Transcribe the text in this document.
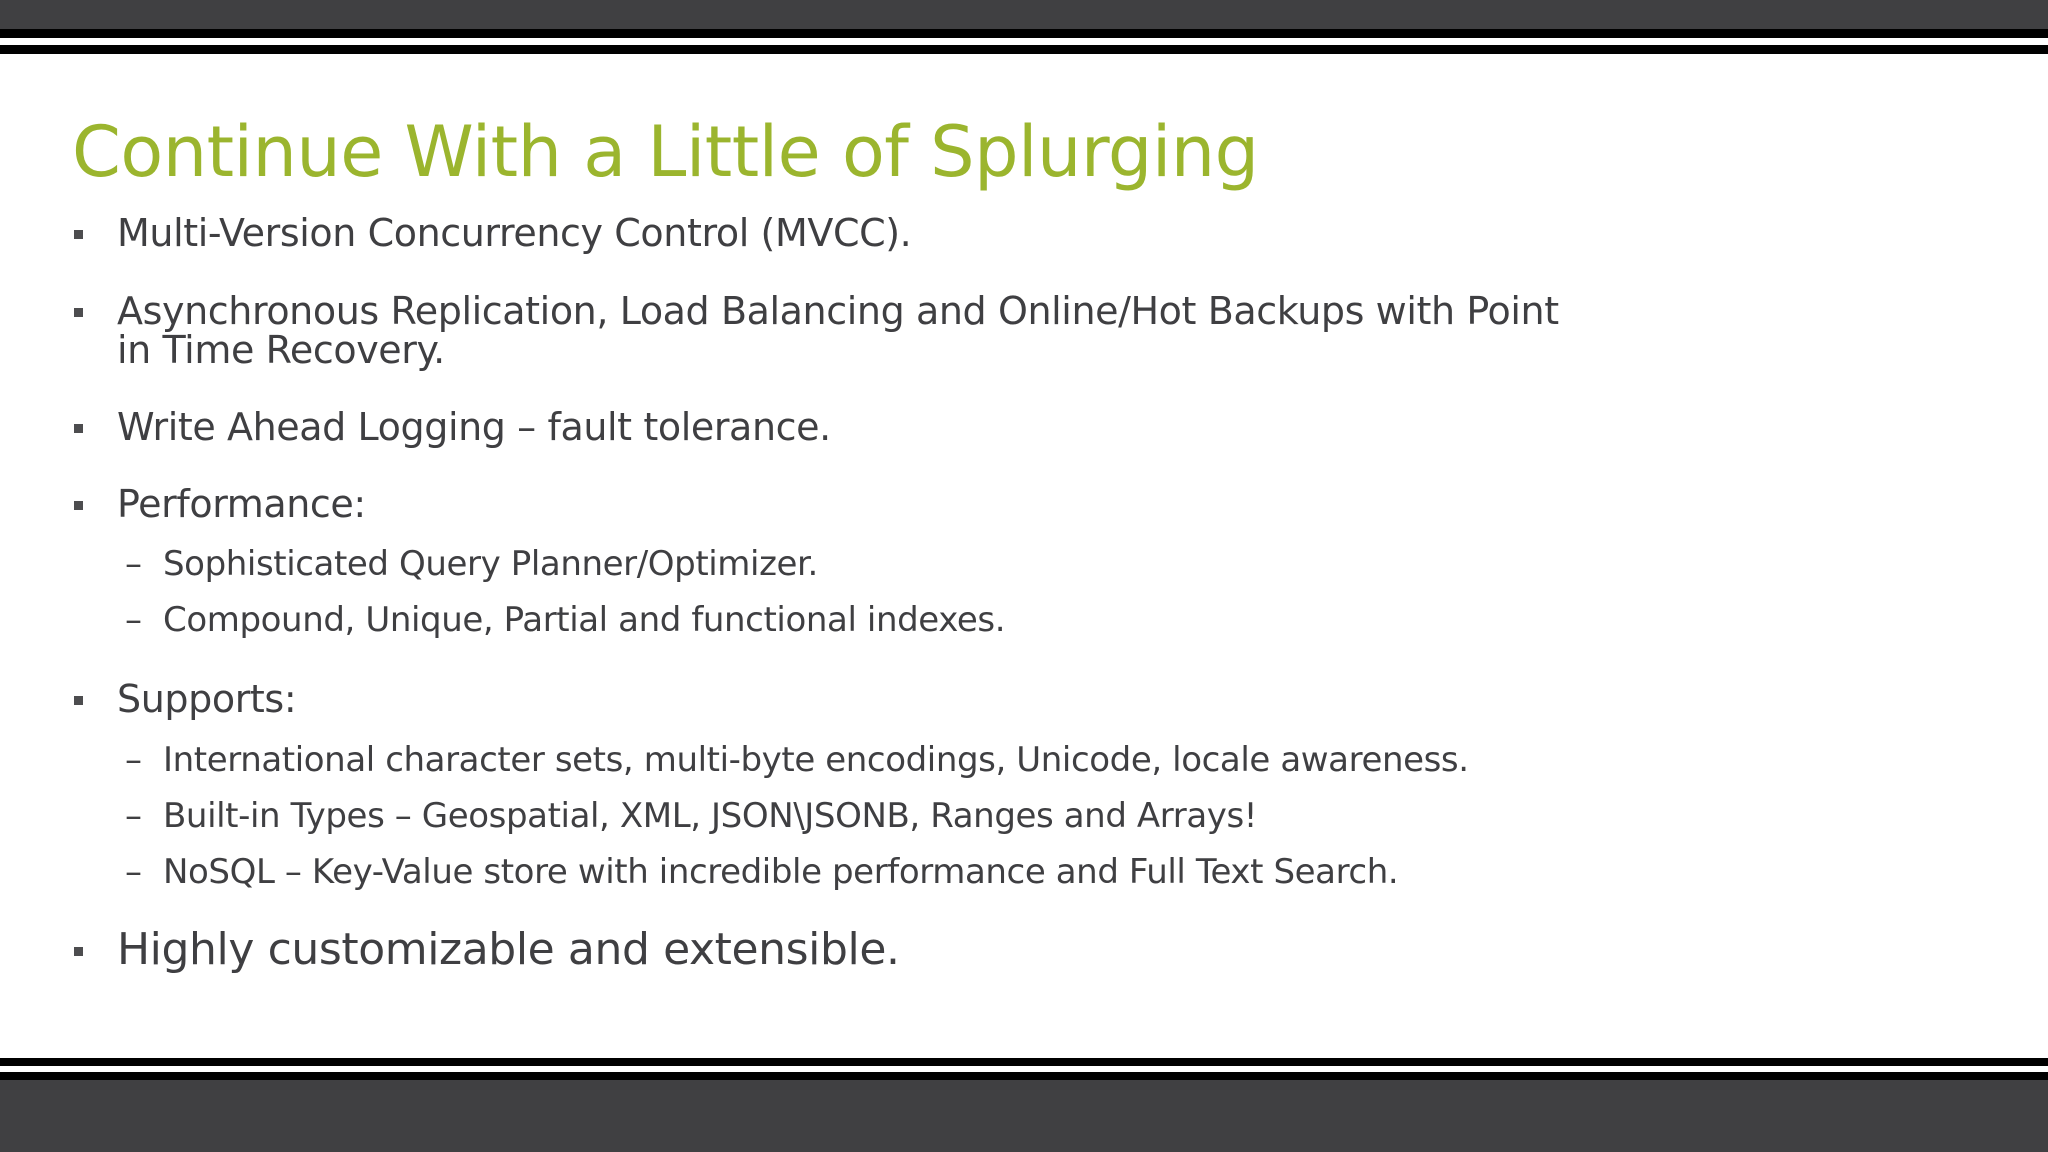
Continue With a Little of Splurging
Multi-Version Concurrency Control (MVCC).
Asynchronous Replication, Load Balancing and Online/Hot Backups with Point
in Time Recovery.
Write Ahead Logging – fault tolerance.
Performance:
– Sophisticated Query Planner/Optimizer.
– Compound, Unique, Partial and functional indexes.
Supports:
– International character sets, multi-byte encodings, Unicode, locale awareness.
– Built-in Types – Geospatial, XML, JSON\JSONB, Ranges and Arrays!
– NoSQL – Key-Value store with incredible performance and Full Text Search.
Highly customizable and extensible.
